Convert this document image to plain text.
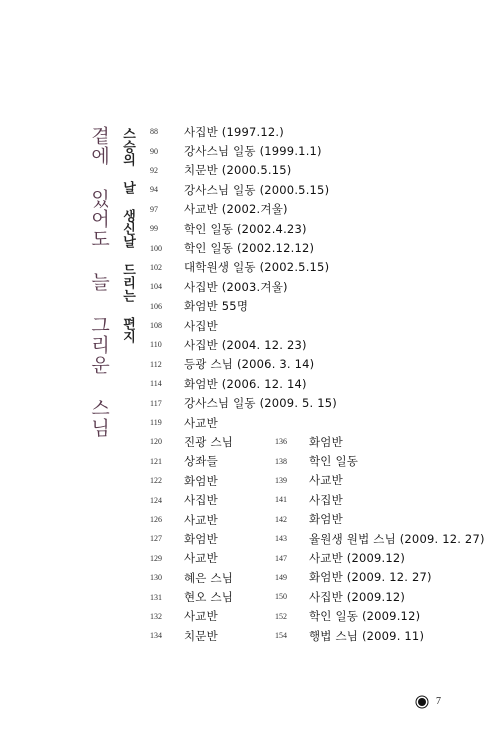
곁에 있어도 늘 그리운 스님 스승의 날 생신날 드리는 편지 88	사집반 (1997.12.)
90	강사스님 일동 (1999.1.1)
92	치문반 (2000.5.15)
94	강사스님 일동 (2000.5.15)
97	사교반 (2002.겨울)
99	학인 일동 (2002.4.23)
100	학인 일동 (2002.12.12)
102	대학원생 일동 (2002.5.15)
104	사집반 (2003.겨울)
106	화엄반 55명
108	사집반
110	사집반 (2004. 12. 23)
112	등광 스님 (2006. 3. 14)
114	화엄반 (2006. 12. 14)
117	강사스님 일동 (2009. 5. 15)
119	사교반
120	진광 스님
121	상좌들
122	화엄반
124	사집반
126	사교반
127	화엄반
129	사교반
130	혜은 스님
131	현오 스님
132	사교반
134	치문반
136	화엄반
138	학인 일동
139	사교반
141	사집반
142	화엄반
143	율원생 원법 스님 (2009. 12. 27)
147	사교반 (2009.12)
149	화엄반 (2009. 12. 27)
150	사집반 (2009.12)
152	학인 일동 (2009.12)
154	행법 스님 (2009. 11)
7
